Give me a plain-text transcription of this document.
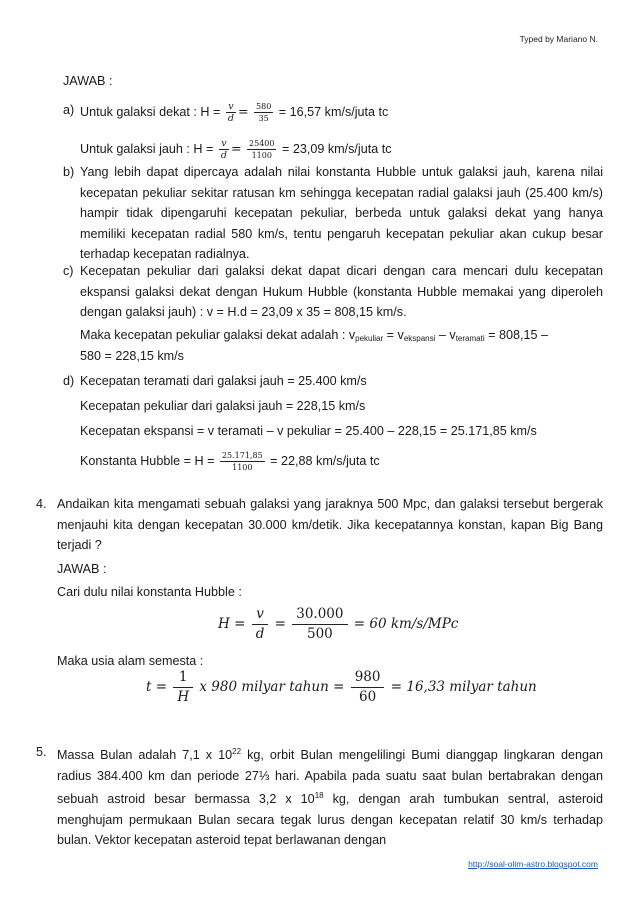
Typed by Mariano N.
JAWAB :
a) Untuk galaksi dekat : $H = \frac{v}{d} = \frac{580}{35} = 16,57$ km/s/juta tc
Untuk galaksi jauh : $H = \frac{v}{d} = \frac{25400}{1100} = 23,09$ km/s/juta tc
b) Yang lebih dapat dipercaya adalah nilai konstanta Hubble untuk galaksi jauh, karena nilai kecepatan pekuliar sekitar ratusan km sehingga kecepatan radial galaksi jauh (25.400 km/s) hampir tidak dipengaruhi kecepatan pekuliar, berbeda untuk galaksi dekat yang hanya memiliki kecepatan radial 580 km/s, tentu pengaruh kecepatan pekuliar akan cukup besar terhadap kecepatan radialnya.
c) Kecepatan pekuliar dari galaksi dekat dapat dicari dengan cara mencari dulu kecepatan ekspansi galaksi dekat dengan Hukum Hubble (konstanta Hubble memakai yang diperoleh dengan galaksi jauh) : v = H.d = 23,09 x 35 = 808,15 km/s.
Maka kecepatan pekuliar galaksi dekat adalah : $v_{pekuliar} = v_{ekspansi} - v_{teramati} = 808,15$ –
580 = 228,15 km/s
d) Kecepatan teramati dari galaksi jauh = 25.400 km/s
Kecepatan pekuliar dari galaksi jauh = 228,15 km/s
Kecepatan ekspansi = v teramati – v pekuliar = 25.400 – 228,15 = 25.171,85 km/s
Konstanta Hubble = $H = \frac{25.171,85}{1100} = 22,88$ km/s/juta tc
4. Andaikan kita mengamati sebuah galaksi yang jaraknya 500 Mpc, dan galaksi tersebut bergerak menjauhi kita dengan kecepatan 30.000 km/detik. Jika kecepatannya konstan, kapan Big Bang terjadi ?
JAWAB :
Cari dulu nilai konstanta Hubble :
$H = \frac{v}{d} = \frac{30.000}{500} = 60$ km/s/MPc
Maka usia alam semesta :
$t = \frac{1}{H}$ x 980 milyar tahun = $\frac{980}{60} = 16,33$ milyar tahun
5. Massa Bulan adalah 7,1 x $10^{22}$ kg, orbit Bulan mengelilingi Bumi dianggap lingkaran dengan radius 384.400 km dan periode 27⅓ hari. Apabila pada suatu saat bulan bertabrakan dengan sebuah astroid besar bermassa 3,2 x $10^{18}$ kg, dengan arah tumbukan sentral, asteroid menghujam permukaan Bulan secara tegak lurus dengan kecepatan relatif 30 km/s terhadap bulan. Vektor kecepatan asteroid tepat berlawanan dengan
http://soal-olim-astro.blogspot.com
